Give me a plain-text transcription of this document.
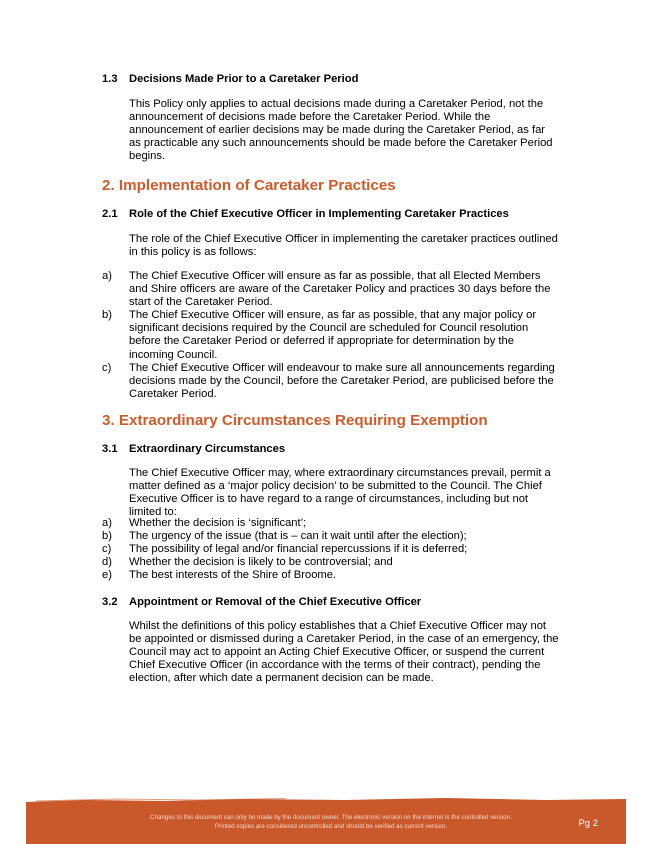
1.3 Decisions Made Prior to a Caretaker Period
This Policy only applies to actual decisions made during a Caretaker Period, not the announcement of decisions made before the Caretaker Period. While the announcement of earlier decisions may be made during the Caretaker Period, as far as practicable any such announcements should be made before the Caretaker Period begins.
2. Implementation of Caretaker Practices
2.1 Role of the Chief Executive Officer in Implementing Caretaker Practices
The role of the Chief Executive Officer in implementing the caretaker practices outlined in this policy is as follows:
a)	The Chief Executive Officer will ensure as far as possible, that all Elected Members and Shire officers are aware of the Caretaker Policy and practices 30 days before the start of the Caretaker Period.
b)	The Chief Executive Officer will ensure, as far as possible, that any major policy or significant decisions required by the Council are scheduled for Council resolution before the Caretaker Period or deferred if appropriate for determination by the incoming Council.
c)	The Chief Executive Officer will endeavour to make sure all announcements regarding decisions made by the Council, before the Caretaker Period, are publicised before the Caretaker Period.
3. Extraordinary Circumstances Requiring Exemption
3.1 Extraordinary Circumstances
The Chief Executive Officer may, where extraordinary circumstances prevail, permit a matter defined as a ‘major policy decision’ to be submitted to the Council. The Chief Executive Officer is to have regard to a range of circumstances, including but not limited to:
a)	Whether the decision is ‘significant’;
b)	The urgency of the issue (that is – can it wait until after the election);
c)	The possibility of legal and/or financial repercussions if it is deferred;
d)	Whether the decision is likely to be controversial; and
e)	The best interests of the Shire of Broome.
3.2 Appointment or Removal of the Chief Executive Officer
Whilst the definitions of this policy establishes that a Chief Executive Officer may not be appointed or dismissed during a Caretaker Period, in the case of an emergency, the Council may act to appoint an Acting Chief Executive Officer, or suspend the current Chief Executive Officer (in accordance with the terms of their contract), pending the election, after which date a permanent decision can be made.
Changes to this document can only be made by the document owner. The electronic version on the internet is the controlled version.
Printed copies are considered uncontrolled and should be verified as current version.	Pg 2
